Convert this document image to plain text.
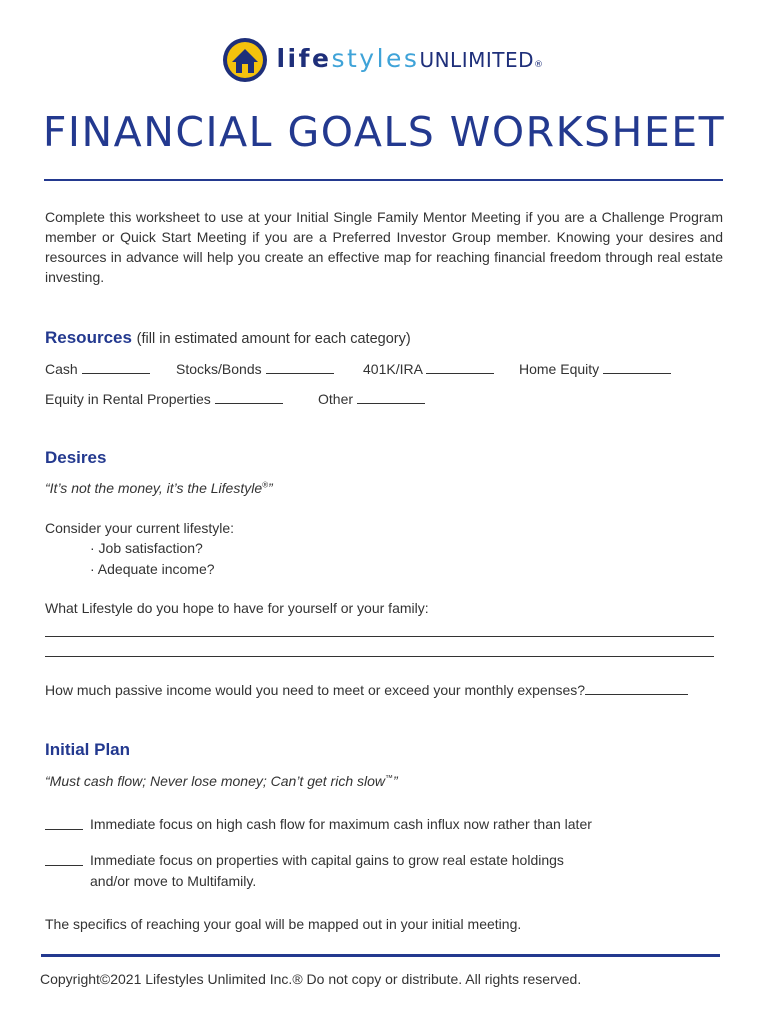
lifestylesUNLIMITED®
FINANCIAL GOALS WORKSHEET
Complete this worksheet to use at your Initial Single Family Mentor Meeting if you are a Challenge Program member or Quick Start Meeting if you are a Preferred Investor Group member. Knowing your desires and resources in advance will help you create an effective map for reaching financial freedom through real estate investing.
Resources (fill in estimated amount for each category)
Cash	Stocks/Bonds	401K/IRA	Home Equity
Equity in Rental Properties	Other
Desires
“It’s not the money, it’s the Lifestyle®”
Consider your current lifestyle:
· Job satisfaction?
· Adequate income?
What Lifestyle do you hope to have for yourself or your family:
How much passive income would you need to meet or exceed your monthly expenses?
Initial Plan
“Must cash flow; Never lose money; Can’t get rich slow™”
Immediate focus on high cash flow for maximum cash influx now rather than later
Immediate focus on properties with capital gains to grow real estate holdings
and/or move to Multifamily.
The specifics of reaching your goal will be mapped out in your initial meeting.
Copyright©2021 Lifestyles Unlimited Inc.® Do not copy or distribute. All rights reserved.
